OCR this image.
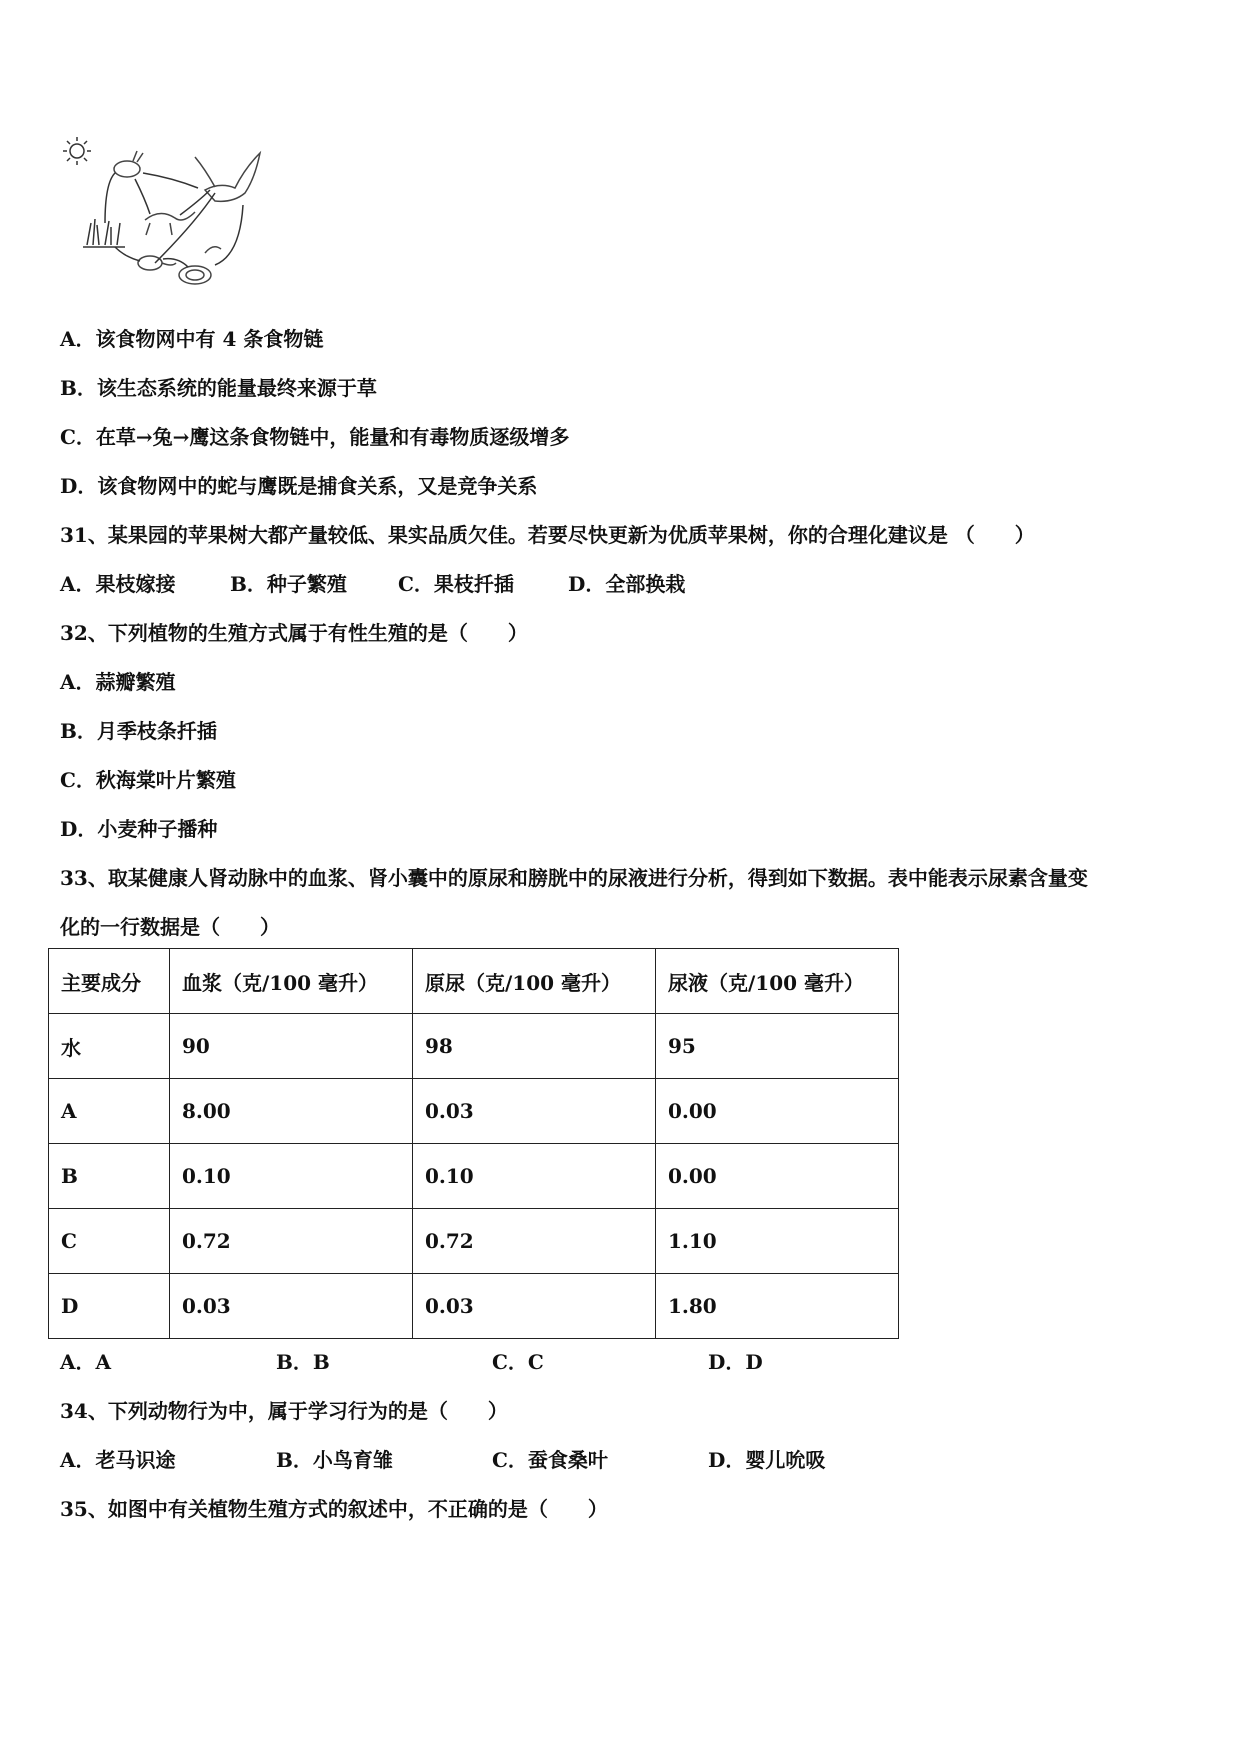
A．该食物网中有 4 条食物链
B．该生态系统的能量最终来源于草
C．在草→兔→鹰这条食物链中，能量和有毒物质逐级增多
D．该食物网中的蛇与鹰既是捕食关系，又是竞争关系
31、某果园的苹果树大都产量较低、果实品质欠佳。若要尽快更新为优质苹果树，你的合理化建议是 （　　）
A．果枝嫁接	B．种子繁殖	C．果枝扦插	D．全部换栽
32、下列植物的生殖方式属于有性生殖的是（　　）
A．蒜瓣繁殖
B．月季枝条扦插
C．秋海棠叶片繁殖
D．小麦种子播种
33、取某健康人肾动脉中的血浆、肾小囊中的原尿和膀胱中的尿液进行分析，得到如下数据。表中能表示尿素含量变
化的一行数据是（　　）
主要成分	血浆（克/100 毫升）	原尿（克/100 毫升）	尿液（克/100 毫升）
水	90	98	95
A	8.00	0.03	0.00
B	0.10	0.10	0.00
C	0.72	0.72	1.10
D	0.03	0.03	1.80
A．A	B．B	C．C	D．D
34、下列动物行为中，属于学习行为的是（　　）
A．老马识途	B．小鸟育雏	C．蚕食桑叶	D．婴儿吮吸
35、如图中有关植物生殖方式的叙述中，不正确的是（　　）
